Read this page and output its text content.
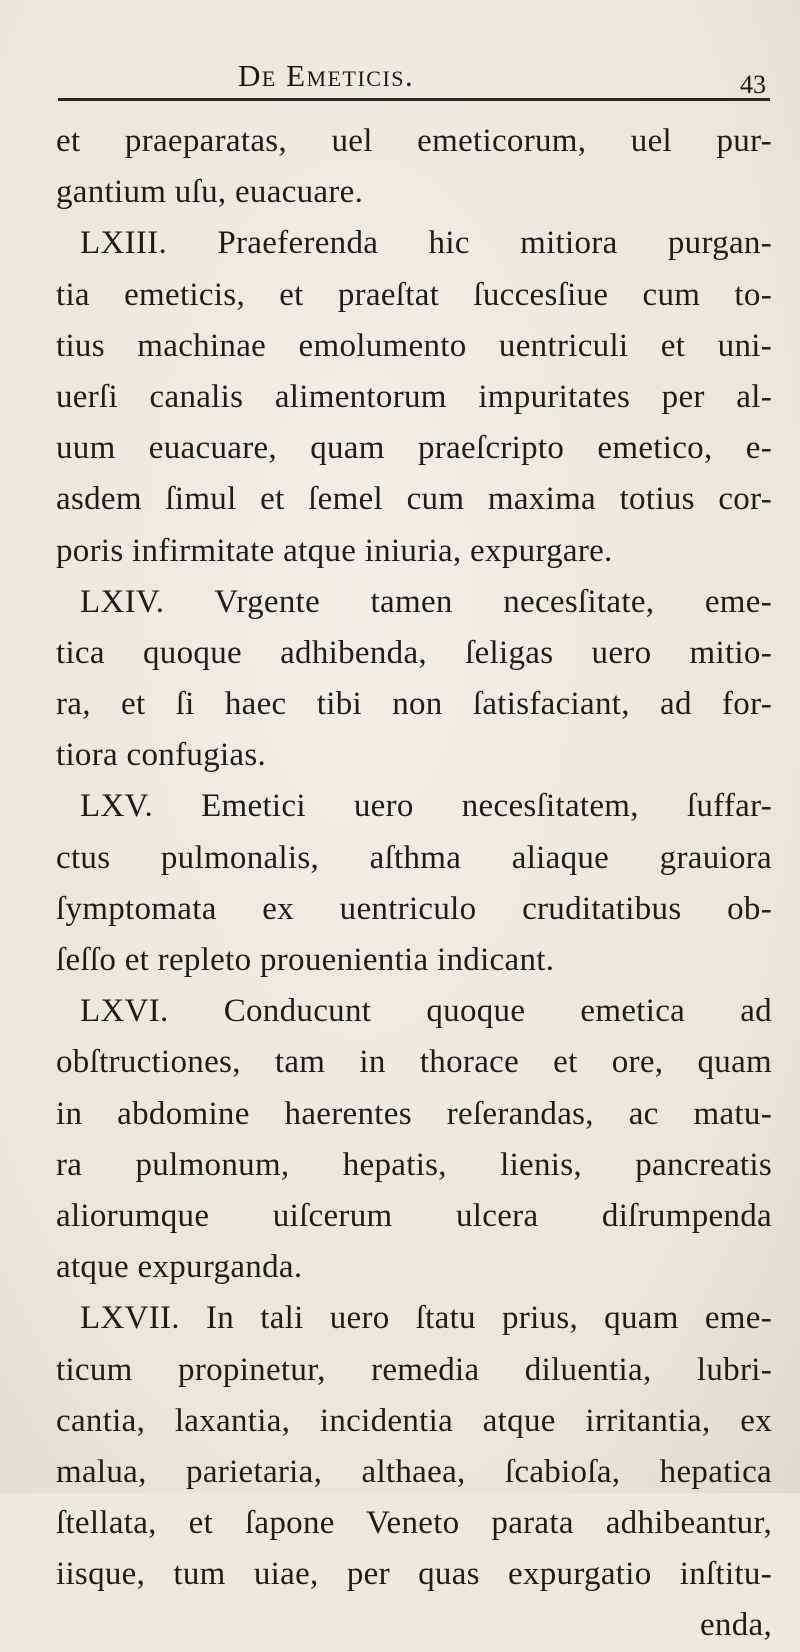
De Emeticis.	43
et praeparatas, uel emeticorum, uel pur-
gantium uſu, euacuare.
LXIII. Praeferenda hic mitiora purgan-
tia emeticis, et praeſtat ſuccesſiue cum to-
tius machinae emolumento uentriculi et uni-
uerſi canalis alimentorum impuritates per al-
uum euacuare, quam praeſcripto emetico, e-
asdem ſimul et ſemel cum maxima totius cor-
poris infirmitate atque iniuria, expurgare.
LXIV. Vrgente tamen necesſitate, eme-
tica quoque adhibenda, ſeligas uero mitio-
ra, et ſi haec tibi non ſatisfaciant, ad for-
tiora confugias.
LXV. Emetici uero necesſitatem, ſuffar-
ctus pulmonalis, aſthma aliaque grauiora
ſymptomata ex uentriculo cruditatibus ob-
ſeſſo et repleto prouenientia indicant.
LXVI. Conducunt quoque emetica ad
obſtructiones, tam in thorace et ore, quam
in abdomine haerentes reſerandas, ac matu-
ra pulmonum, hepatis, lienis, pancreatis
aliorumque uiſcerum ulcera diſrumpenda
atque expurganda.
LXVII. In tali uero ſtatu prius, quam eme-
ticum propinetur, remedia diluentia, lubri-
cantia, laxantia, incidentia atque irritantia, ex
malua, parietaria, althaea, ſcabioſa, hepatica
ſtellata, et ſapone Veneto parata adhibeantur,
iisque, tum uiae, per quas expurgatio inſtitu-
enda,
